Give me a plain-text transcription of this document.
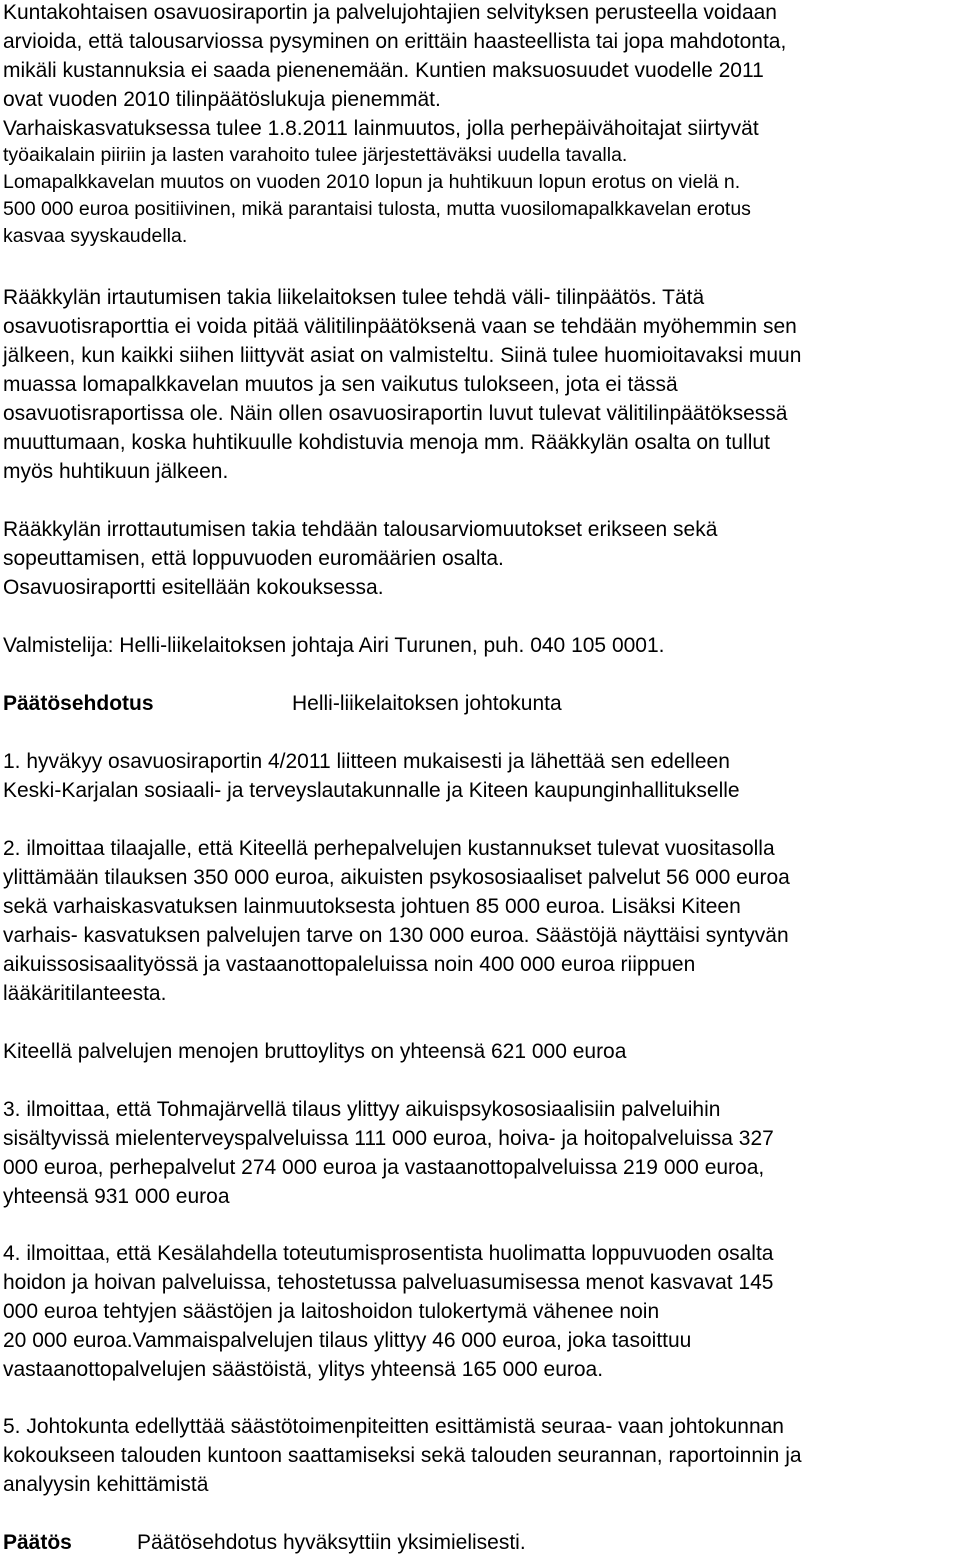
Kuntakohtaisen osavuosiraportin ja palvelujohtajien selvityksen perusteella voidaan
arvioida, että talousarviossa pysyminen on erittäin haasteellista tai jopa mahdotonta,
mikäli kustannuksia ei saada pienenemään. Kuntien maksuosuudet vuodelle 2011
ovat vuoden 2010 tilinpäätöslukuja pienemmät.
Varhaiskasvatuksessa tulee 1.8.2011 lainmuutos, jolla perhepäivähoitajat siirtyvät
työaikalain piiriin ja lasten varahoito tulee järjestettäväksi uudella tavalla.
Lomapalkkavelan muutos on vuoden 2010 lopun ja huhtikuun lopun erotus on vielä n.
500 000 euroa positiivinen, mikä parantaisi tulosta, mutta vuosilomapalkkavelan erotus
kasvaa syyskaudella.
Rääkkylän irtautumisen takia liikelaitoksen tulee tehdä väli- tilinpäätös. Tätä
osavuotisraporttia ei voida pitää välitilinpäätöksenä vaan se tehdään myöhemmin sen
jälkeen, kun kaikki siihen liittyvät asiat on valmisteltu. Siinä tulee huomioitavaksi muun
muassa lomapalkkavelan muutos ja sen vaikutus tulokseen, jota ei tässä
osavuotisraportissa ole. Näin ollen osavuosiraportin luvut tulevat välitilinpäätöksessä
muuttumaan, koska huhtikuulle kohdistuvia menoja mm. Rääkkylän osalta on tullut
myös huhtikuun jälkeen.
Rääkkylän irrottautumisen takia tehdään talousarviomuutokset erikseen sekä
sopeuttamisen, että loppuvuoden euromäärien osalta.
Osavuosiraportti esitellään kokouksessa.
Valmistelija: Helli-liikelaitoksen johtaja Airi Turunen, puh. 040 105 0001.
Päätösehdotus	Helli-liikelaitoksen johtokunta
1. hyväkyy osavuosiraportin 4/2011 liitteen mukaisesti ja lähettää sen edelleen
Keski-Karjalan sosiaali- ja terveyslautakunnalle ja Kiteen kaupunginhallitukselle
2. ilmoittaa tilaajalle, että Kiteellä perhepalvelujen kustannukset tulevat vuositasolla
ylittämään tilauksen 350 000 euroa, aikuisten psykososiaaliset palvelut 56 000 euroa
sekä varhaiskasvatuksen lainmuutoksesta johtuen 85 000 euroa. Lisäksi Kiteen
varhais- kasvatuksen palvelujen tarve on 130 000 euroa. Säästöjä näyttäisi syntyvän
aikuissosisaalityössä ja vastaanottopaleluissa noin 400 000 euroa riippuen
lääkäritilanteesta.
Kiteellä palvelujen menojen bruttoylitys on yhteensä 621 000 euroa
3. ilmoittaa, että Tohmajärvellä tilaus ylittyy aikuispsykososiaalisiin palveluihin
sisältyvissä mielenterveyspalveluissa 111 000 euroa, hoiva- ja hoitopalveluissa 327
000 euroa, perhepalvelut 274 000 euroa ja vastaanottopalveluissa 219 000 euroa,
yhteensä 931 000 euroa
4. ilmoittaa, että Kesälahdella toteutumisprosentista huolimatta loppuvuoden osalta
hoidon ja hoivan palveluissa, tehostetussa palveluasumisessa menot kasvavat 145
000 euroa tehtyjen säästöjen ja laitoshoidon tulokertymä vähenee noin
20 000 euroa.Vammaispalvelujen tilaus ylittyy 46 000 euroa, joka tasoittuu
vastaanottopalvelujen säästöistä, ylitys yhteensä 165 000 euroa.
5. Johtokunta edellyttää säästötoimenpiteitten esittämistä seuraa- vaan johtokunnan
kokoukseen talouden kuntoon saattamiseksi sekä talouden seurannan, raportoinnin ja
analyysin kehittämistä
Päätös	Päätösehdotus hyväksyttiin yksimielisesti.
